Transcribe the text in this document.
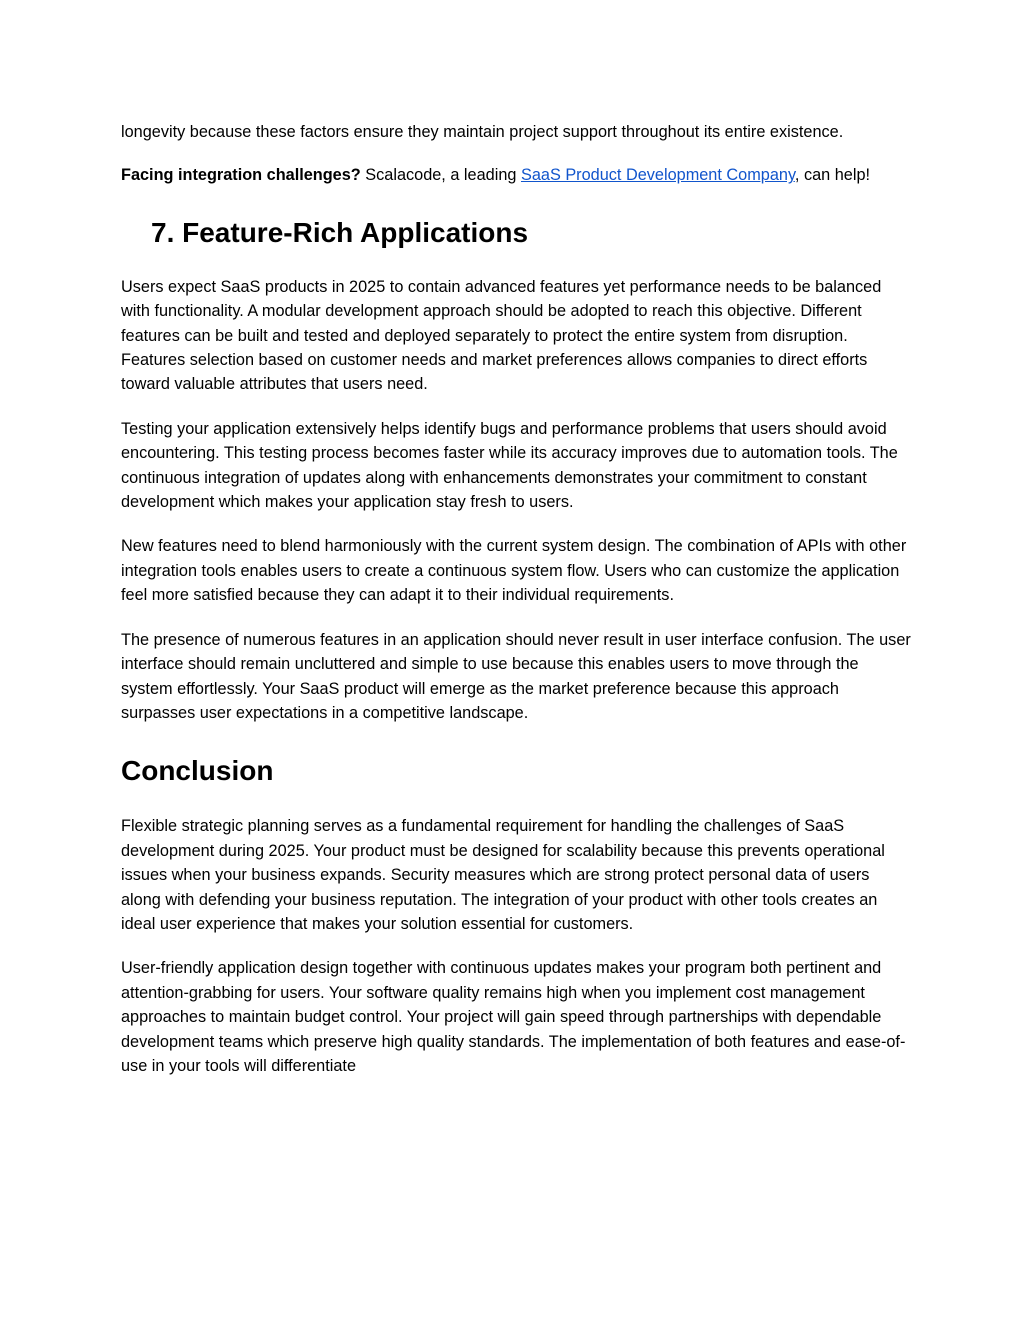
longevity because these factors ensure they maintain project support throughout its entire existence.

Facing integration challenges? Scalacode, a leading SaaS Product Development Company, can help!

7. Feature-Rich Applications

Users expect SaaS products in 2025 to contain advanced features yet performance needs to be balanced with functionality. A modular development approach should be adopted to reach this objective. Different features can be built and tested and deployed separately to protect the entire system from disruption. Features selection based on customer needs and market preferences allows companies to direct efforts toward valuable attributes that users need.

Testing your application extensively helps identify bugs and performance problems that users should avoid encountering. This testing process becomes faster while its accuracy improves due to automation tools. The continuous integration of updates along with enhancements demonstrates your commitment to constant development which makes your application stay fresh to users.

New features need to blend harmoniously with the current system design. The combination of APIs with other integration tools enables users to create a continuous system flow. Users who can customize the application feel more satisfied because they can adapt it to their individual requirements.

The presence of numerous features in an application should never result in user interface confusion. The user interface should remain uncluttered and simple to use because this enables users to move through the system effortlessly. Your SaaS product will emerge as the market preference because this approach surpasses user expectations in a competitive landscape.

Conclusion

Flexible strategic planning serves as a fundamental requirement for handling the challenges of SaaS development during 2025. Your product must be designed for scalability because this prevents operational issues when your business expands. Security measures which are strong protect personal data of users along with defending your business reputation. The integration of your product with other tools creates an ideal user experience that makes your solution essential for customers.

User-friendly application design together with continuous updates makes your program both pertinent and attention-grabbing for users. Your software quality remains high when you implement cost management approaches to maintain budget control. Your project will gain speed through partnerships with dependable development teams which preserve high quality standards. The implementation of both features and ease-of-use in your tools will differentiate
